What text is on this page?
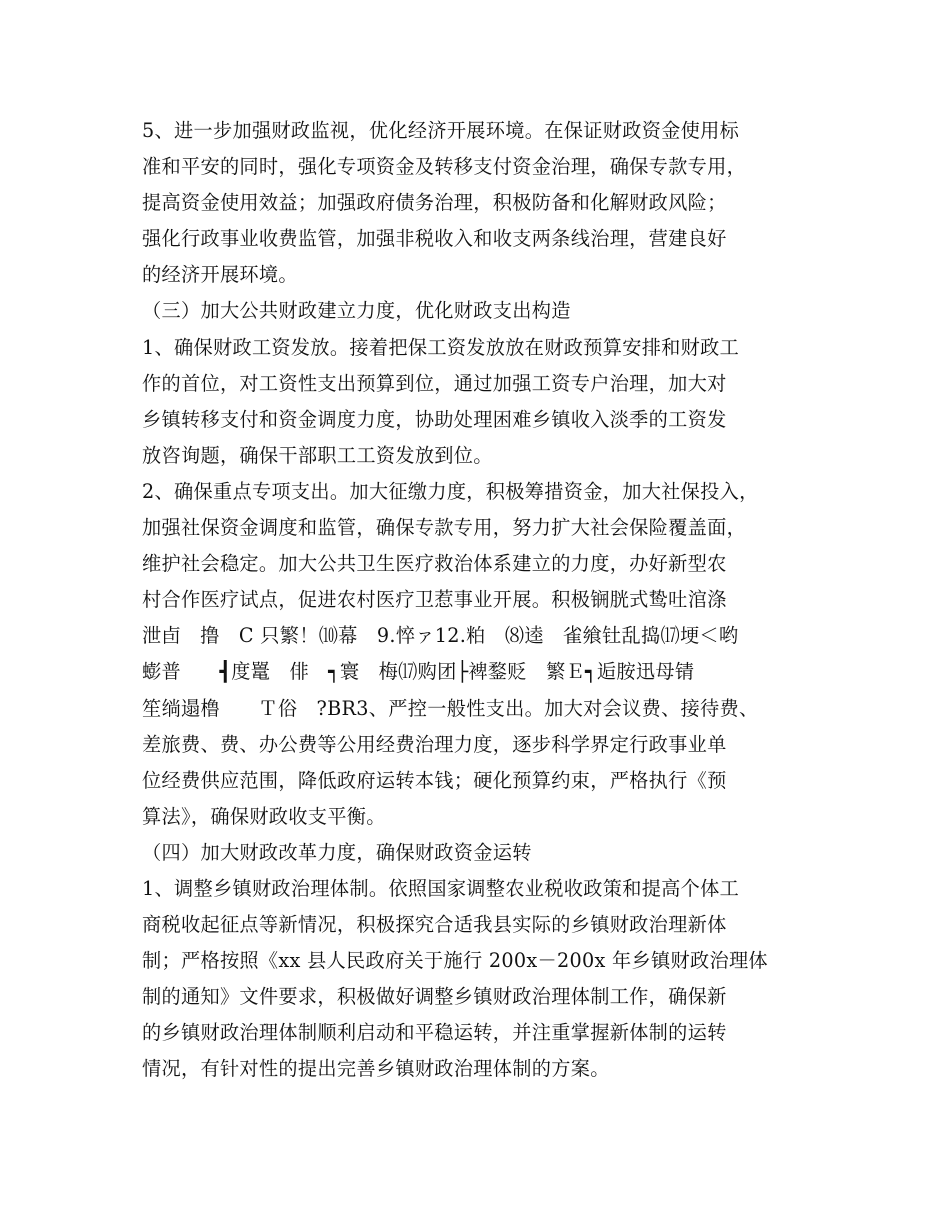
5、进一步加强财政监视，优化经济开展环境。在保证财政资金使用标
准和平安的同时，强化专项资金及转移支付资金治理，确保专款专用，
提高资金使用效益；加强政府债务治理，积极防备和化解财政风险；
强化行政事业收费监管，加强非税收入和收支两条线治理，营建良好
的经济开展环境。
（三）加大公共财政建立力度，优化财政支出构造
1、确保财政工资发放。接着把保工资发放放在财政预算安排和财政工
作的首位，对工资性支出预算到位，通过加强工资专户治理，加大对
乡镇转移支付和资金调度力度，协助处理困难乡镇收入淡季的工资发
放咨询题，确保干部职工工资发放到位。
2、确保重点专项支出。加大征缴力度，积极筹措资金，加大社保投入，
加强社保资金调度和监管，确保专款专用，努力扩大社会保险覆盖面，
维护社会稳定。加大公共卫生医疗救治体系建立的力度，办好新型农
村合作医疗试点，促进农村医疗卫惹事业开展。积极锎胱式鸷吐涫涤
泄卣   撸   C 只繁！⑽幕   9.悴ァ12.粕   ⑻逵   雀飨钍乱捣⒄埂＜哟
蟛普      ┫度鼍   俳   ┑寰   梅⒄购团├裨鍪贬   繁Ｅ┑逅胺迅母锖
笙绱遢橹      Ｔ俗   ?BR3、严控一般性支出。加大对会议费、接待费、
差旅费、费、办公费等公用经费治理力度，逐步科学界定行政事业单
位经费供应范围，降低政府运转本钱；硬化预算约束，严格执行《预
算法》，确保财政收支平衡。
（四）加大财政改革力度，确保财政资金运转
1、调整乡镇财政治理体制。依照国家调整农业税收政策和提高个体工
商税收起征点等新情况，积极探究合适我县实际的乡镇财政治理新体
制；严格按照《xx 县人民政府关于施行 200x－200x 年乡镇财政治理体
制的通知》文件要求，积极做好调整乡镇财政治理体制工作，确保新
的乡镇财政治理体制顺利启动和平稳运转，并注重掌握新体制的运转
情况，有针对性的提出完善乡镇财政治理体制的方案。
